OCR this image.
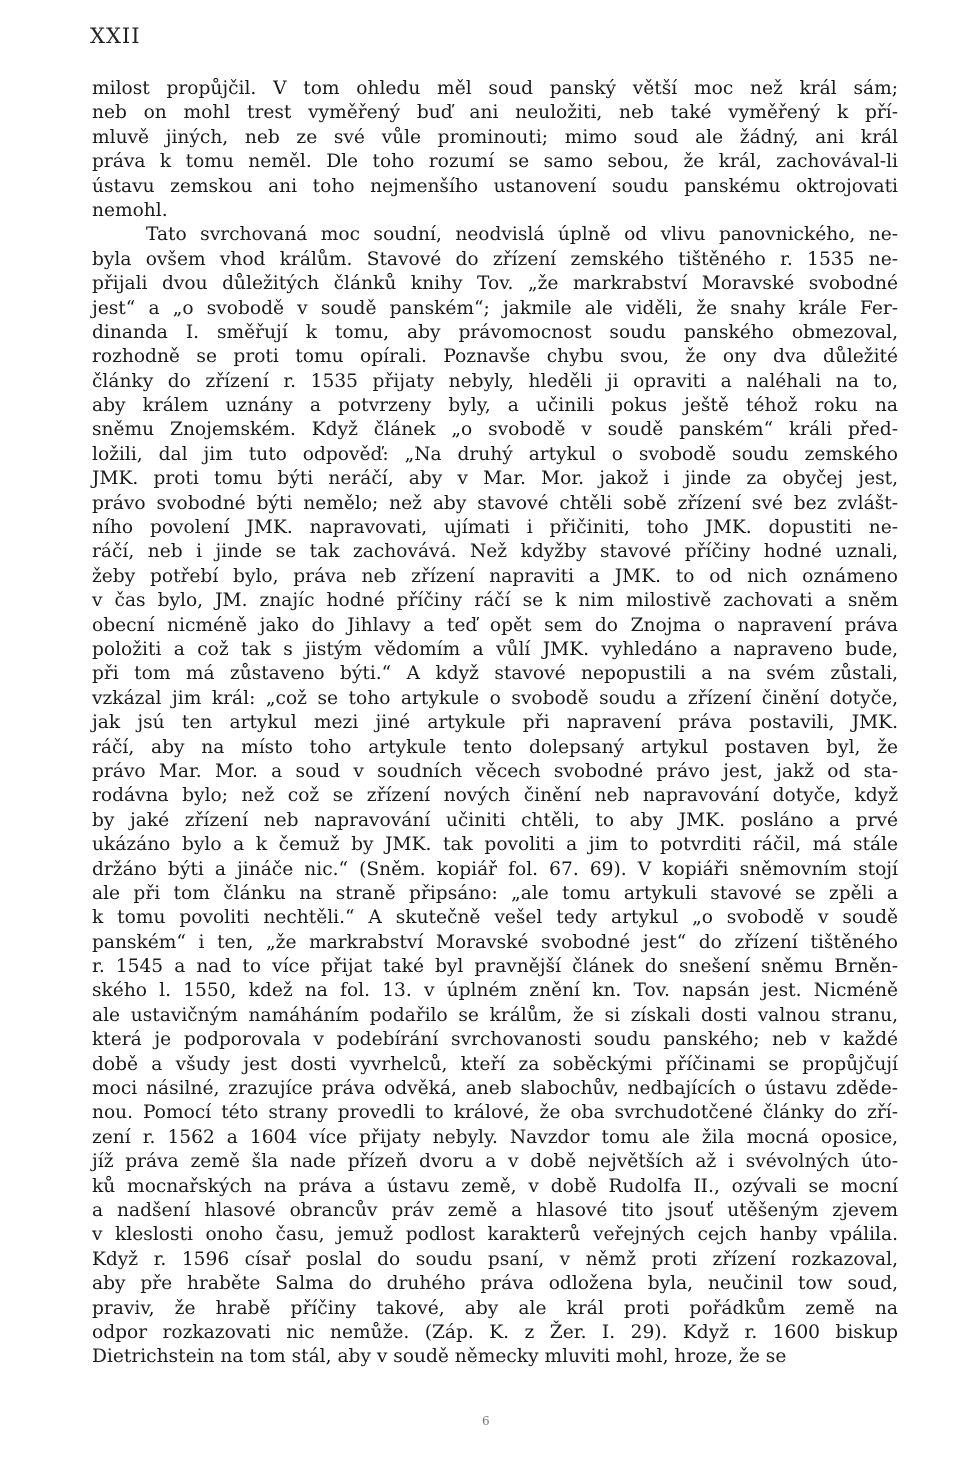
XXII
milost propůjčil. V tom ohledu měl soud panský větší moc než král sám;
neb on mohl trest vyměřený buď ani neuložiti, neb také vyměřený k pří-
mluvě jiných, neb ze své vůle prominouti; mimo soud ale žádný, ani král
práva k tomu neměl. Dle toho rozumí se samo sebou, že král, zachovával-li
ústavu zemskou ani toho nejmenšího ustanovení soudu panskému oktrojovati
nemohl.
Tato svrchovaná moc soudní, neodvislá úplně od vlivu panovnického, ne-
byla ovšem vhod králům. Stavové do zřízení zemského tištěného r. 1535 ne-
přijali dvou důležitých článků knihy Tov. „že markrabství Moravské svobodné
jest“ a „o svobodě v soudě panském“; jakmile ale viděli, že snahy krále Fer-
dinanda I. směřují k tomu, aby právomocnost soudu panského obmezoval,
rozhodně se proti tomu opírali. Poznavše chybu svou, že ony dva důležité
články do zřízení r. 1535 přijaty nebyly, hleděli ji opraviti a naléhali na to,
aby králem uznány a potvrzeny byly, a učinili pokus ještě téhož roku na
sněmu Znojemském. Když článek „o svobodě v soudě panském“ králi před-
ložili, dal jim tuto odpověď: „Na druhý artykul o svobodě soudu zemského
JMK. proti tomu býti neráčí, aby v Mar. Mor. jakož i jinde za obyčej jest,
právo svobodné býti nemělo; než aby stavové chtěli sobě zřízení své bez zvlášt-
ního povolení JMK. napravovati, ujímati i přičiniti, toho JMK. dopustiti ne-
ráčí, neb i jinde se tak zachovává. Než kdyžby stavové příčiny hodné uznali,
žeby potřebí bylo, práva neb zřízení napraviti a JMK. to od nich oznámeno
v čas bylo, JM. znajíc hodné příčiny ráčí se k nim milostivě zachovati a sněm
obecní nicméně jako do Jihlavy a teď opět sem do Znojma o napravení práva
položiti a což tak s jistým vědomím a vůlí JMK. vyhledáno a napraveno bude,
při tom má zůstaveno býti.“ A když stavové nepopustili a na svém zůstali,
vzkázal jim král: „což se toho artykule o svobodě soudu a zřízení činění dotyče,
jak jsú ten artykul mezi jiné artykule při napravení práva postavili, JMK.
ráčí, aby na místo toho artykule tento dolepsaný artykul postaven byl, že
právo Mar. Mor. a soud v soudních věcech svobodné právo jest, jakž od sta-
rodávna bylo; než což se zřízení nových činění neb napravování dotyče, když
by jaké zřízení neb napravování učiniti chtěli, to aby JMK. posláno a prvé
ukázáno bylo a k čemuž by JMK. tak povoliti a jim to potvrditi ráčil, má stále
držáno býti a jináče nic.“ (Sněm. kopiář fol. 67. 69). V kopiáři sněmovním stojí
ale při tom článku na straně připsáno: „ale tomu artykuli stavové se zpěli a
k tomu povoliti nechtěli.“ A skutečně vešel tedy artykul „o svobodě v soudě
panském“ i ten, „že markrabství Moravské svobodné jest“ do zřízení tištěného
r. 1545 a nad to více přijat také byl pravnější článek do snešení sněmu Brněn-
ského l. 1550, kdež na fol. 13. v úplném znění kn. Tov. napsán jest. Nicméně
ale ustavičným namáháním podařilo se králům, že si získali dosti valnou stranu,
která je podporovala v podebírání svrchovanosti soudu panského; neb v každé
době a všudy jest dosti vyvrhelců, kteří za soběckými příčinami se propůjčují
moci násilné, zrazujíce práva odvěká, aneb slabochův, nedbajících o ústavu zděde-
nou. Pomocí této strany provedli to králové, že oba svrchudotčené články do zří-
zení r. 1562 a 1604 více přijaty nebyly. Navzdor tomu ale žila mocná oposice,
jíž práva země šla nade přízeň dvoru a v době největších až i svévolných úto-
ků mocnařských na práva a ústavu země, v době Rudolfa II., ozývali se mocní
a nadšení hlasové obrancův práv země a hlasové tito jsouť utěšeným zjevem
v kleslosti onoho času, jemuž podlost karakterů veřejných cejch hanby vpálila.
Když r. 1596 císař poslal do soudu psaní, v němž proti zřízení rozkazoval,
aby pře hraběte Salma do druhého práva odložena byla, neučinil tow soud,
praviv, že hrabě příčiny takové, aby ale král proti pořádkům země na
odpor rozkazovati nic nemůže. (Záp. K. z Žer. I. 29). Když r. 1600 biskup
Dietrichstein na tom stál, aby v soudě německy mluviti mohl, hroze, že se
6
